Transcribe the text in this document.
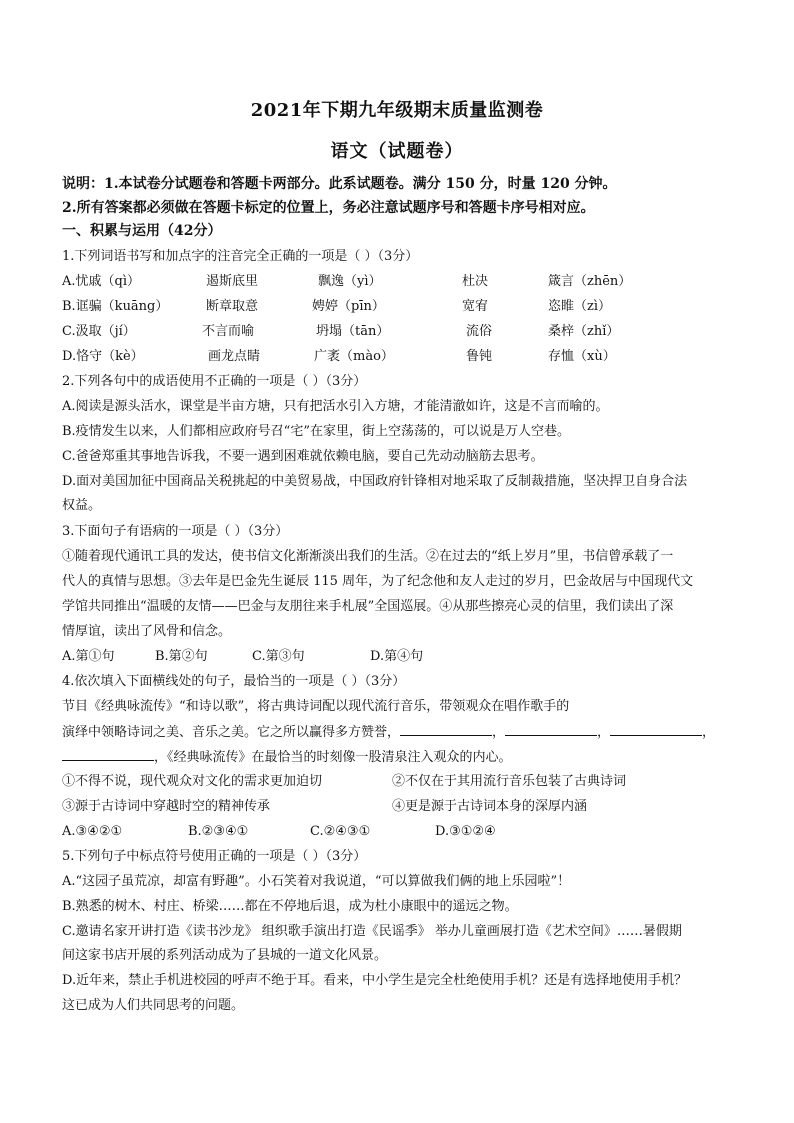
2021年下期九年级期末质量监测卷
语文（试题卷）
说明：1.本试卷分试题卷和答题卡两部分。此系试题卷。满分 150 分，时量 120 分钟。
2.所有答案都必须做在答题卡标定的位置上，务必注意试题序号和答题卡序号相对应。
一、积累与运用（42分）
1.下列词语书写和加点字的注音完全正确的一项是（ ）（3分）
A.忧戚（qì）	遏斯底里	飘逸（yì）	杜决	箴言（zhēn）
B.诓骗（kuāng）	断章取意	娉婷（pīn）	宽宥	恣睢（zì）
C.汲取（jí）	不言而喻	坍塌（tān）	流俗	桑梓（zhǐ）
D.恪守（kè）	画龙点睛	广袤（mào）	鲁钝	存恤（xù）
2.下列各句中的成语使用不正确的一项是（ ）（3分）
A.阅读是源头活水，课堂是半亩方塘，只有把活水引入方塘，才能清澈如许，这是不言而喻的。
B.疫情发生以来，人们都相应政府号召“宅”在家里，街上空荡荡的，可以说是万人空巷。
C.爸爸郑重其事地告诉我，不要一遇到困难就依赖电脑，要自己先动动脑筋去思考。
D.面对美国加征中国商品关税挑起的中美贸易战，中国政府针锋相对地采取了反制裁措施，坚决捍卫自身合法
权益。
3.下面句子有语病的一项是（ ）（3分）
①随着现代通讯工具的发达，使书信文化渐渐淡出我们的生活。②在过去的“纸上岁月”里，书信曾承载了一
代人的真情与思想。③去年是巴金先生诞辰 115 周年，为了纪念他和友人走过的岁月，巴金故居与中国现代文
学馆共同推出“温暖的友情——巴金与友朋往来手札展”全国巡展。④从那些擦亮心灵的信里，我们读出了深
情厚谊，读出了风骨和信念。
A.第①句	B.第②句	C.第③句	D.第④句
4.依次填入下面横线处的句子，最恰当的一项是（ ）（3分）
节目《经典咏流传》“和诗以歌”，将古典诗词配以现代流行音乐，带领观众在唱作歌手的
演绎中领略诗词之美、音乐之美。它之所以赢得多方赞誉，	，	，	，
，《经典咏流传》在最恰当的时刻像一股清泉注入观众的内心。
①不得不说，现代观众对文化的需求更加迫切	②不仅在于其用流行音乐包装了古典诗词
③源于古诗词中穿越时空的精神传承	④更是源于古诗词本身的深厚内涵
A.③④②①	B.②③④①	C.②④③①	D.③①②④
5.下列句子中标点符号使用正确的一项是（ ）（3分）
A.“这园子虽荒凉，却富有野趣”。小石笑着对我说道，“可以算做我们俩的地上乐园啦”！
B.熟悉的树木、村庄、桥梁……都在不停地后退，成为杜小康眼中的遥远之物。
C.邀请名家开讲打造《读书沙龙》 组织歌手演出打造《民谣季》 举办儿童画展打造《艺术空间》……暑假期
间这家书店开展的系列活动成为了县城的一道文化风景。
D.近年来，禁止手机进校园的呼声不绝于耳。看来，中小学生是完全杜绝使用手机？还是有选择地使用手机？
这已成为人们共同思考的问题。
